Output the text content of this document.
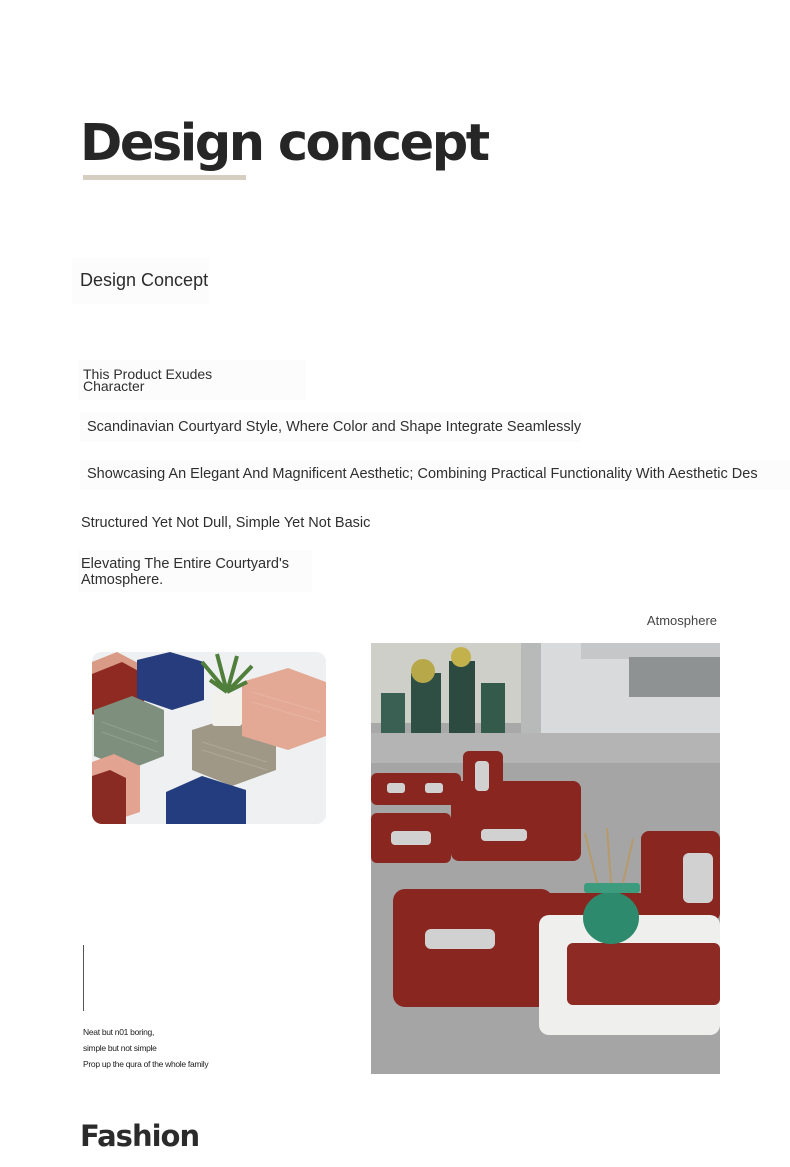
Design concept
Design Concept
This Product Exudes
Character
Scandinavian Courtyard Style, Where Color and Shape Integrate Seamlessly
Showcasing An Elegant And Magnificent Aesthetic; Combining Practical Functionality With Aesthetic Des
Structured Yet Not Dull, Simple Yet Not Basic
Elevating The Entire Courtyard's
Atmosphere.
Atmosphere
Neat but n01 boring,
simple but not simple
Prop up the qura of the whole family
Fashion
